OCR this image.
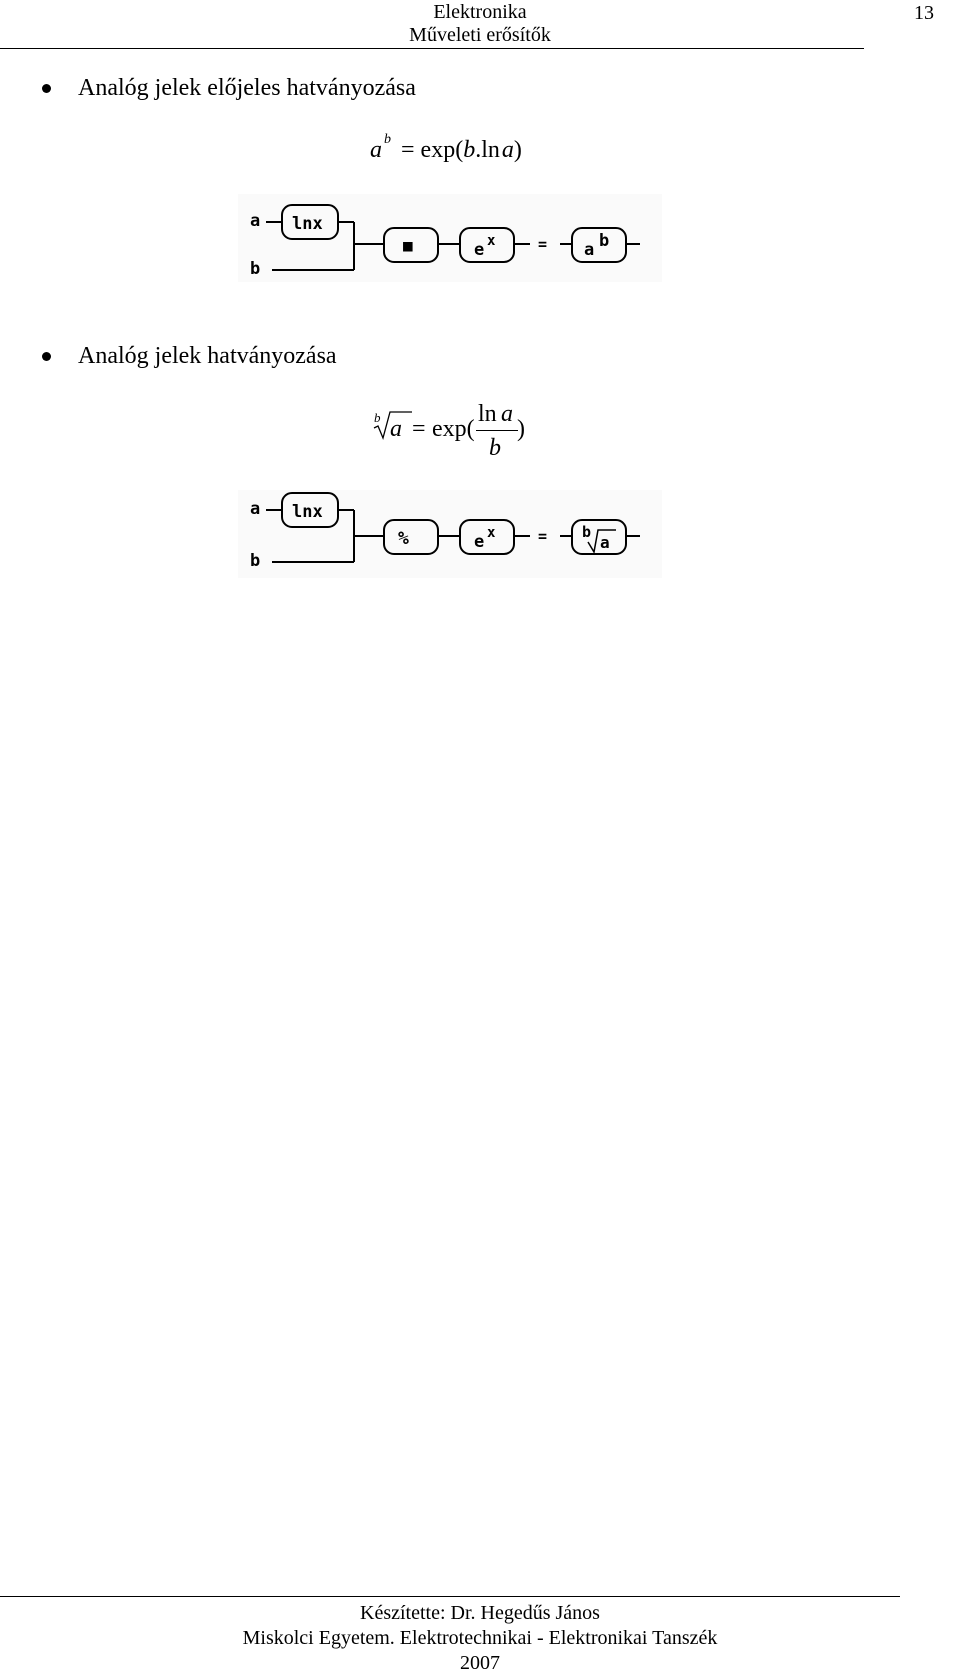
Elektronika
Műveleti erősítők
13
Analóg jelek előjeles hatványozása
a $^b$ = exp(b.ln a)
a
b
lnx
■	e x	= a b
Analóg jelek hatványozása
b a = exp(
ln a
b
)
a
b
lnx
%	e x	= b
a
Készítette: Dr. Hegedűs János
Miskolci Egyetem. Elektrotechnikai - Elektronikai Tanszék
2007
